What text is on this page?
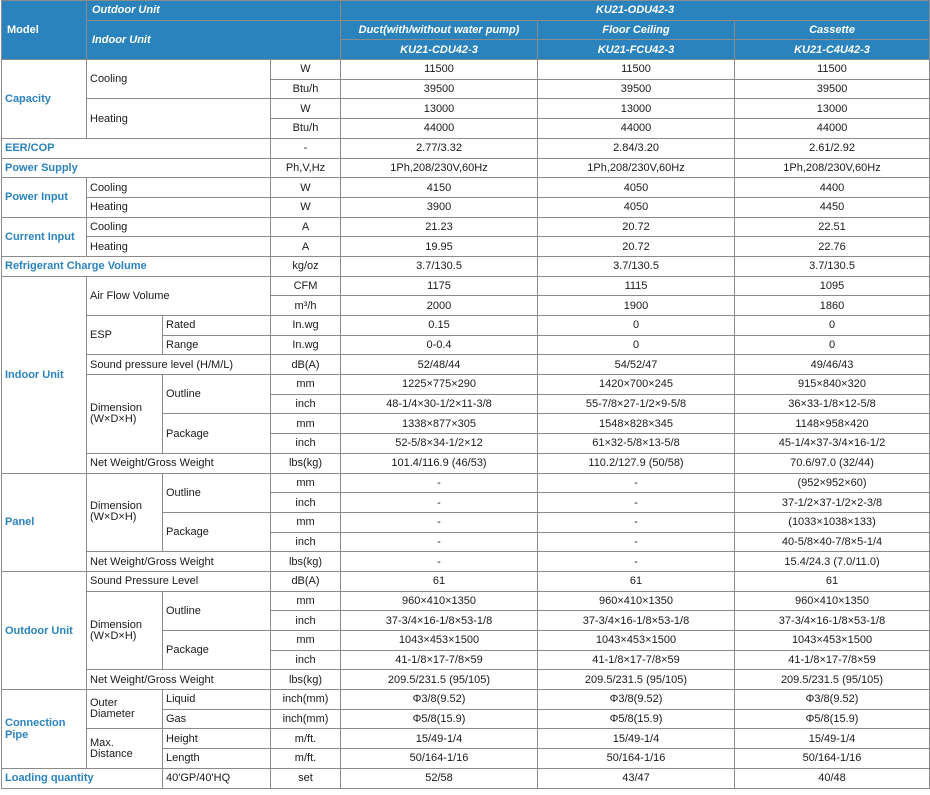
Model	Outdoor Unit			KU21-ODU42-3		
	Indoor Unit			Duct(with/without water pump)	Floor Ceiling	Cassette
				KU21-CDU42-3	KU21-FCU42-3	KU21-C4U42-3
Capacity	Cooling		W	11500	11500	11500
			Btu/h	39500	39500	39500
	Heating		W	13000	13000	13000
			Btu/h	44000	44000	44000
EER/COP			-	2.77/3.32	2.84/3.20	2.61/2.92
Power Supply			Ph,V,Hz	1Ph,208/230V,60Hz	1Ph,208/230V,60Hz	1Ph,208/230V,60Hz
Power Input	Cooling		W	4150	4050	4400
	Heating		W	3900	4050	4450
Current Input	Cooling		A	21.23	20.72	22.51
	Heating		A	19.95	20.72	22.76
Refrigerant Charge Volume			kg/oz	3.7/130.5	3.7/130.5	3.7/130.5
Indoor Unit	Air Flow Volume		CFM	1175	1115	1095
			m³/h	2000	1900	1860
	ESP	Rated	In.wg	0.15	0	0
		Range	In.wg	0-0.4	0	0
	Sound pressure level (H/M/L)		dB(A)	52/48/44	54/52/47	49/46/43
	Dimension (W×D×H)	Outline	mm	1225×775×290	1420×700×245	915×840×320
			inch	48-1/4×30-1/2×11-3/8	55-7/8×27-1/2×9-5/8	36×33-1/8×12-5/8
		Package	mm	1338×877×305	1548×828×345	1148×958×420
			inch	52-5/8×34-1/2×12	61×32-5/8×13-5/8	45-1/4×37-3/4×16-1/2
	Net Weight/Gross Weight		lbs(kg)	101.4/116.9 (46/53)	110.2/127.9 (50/58)	70.6/97.0 (32/44)
Panel	Dimension (W×D×H)	Outline	mm	-	-	(952×952×60)
			inch	-	-	37-1/2×37-1/2×2-3/8
		Package	mm	-	-	(1033×1038×133)
			inch	-	-	40-5/8×40-7/8×5-1/4
	Net Weight/Gross Weight		lbs(kg)	-	-	15.4/24.3 (7.0/11.0)
Outdoor Unit	Sound Pressure Level		dB(A)	61	61	61
	Dimension (W×D×H)	Outline	mm	960×410×1350	960×410×1350	960×410×1350
			inch	37-3/4×16-1/8×53-1/8	37-3/4×16-1/8×53-1/8	37-3/4×16-1/8×53-1/8
		Package	mm	1043×453×1500	1043×453×1500	1043×453×1500
			inch	41-1/8×17-7/8×59	41-1/8×17-7/8×59	41-1/8×17-7/8×59
	Net Weight/Gross Weight		lbs(kg)	209.5/231.5 (95/105)	209.5/231.5 (95/105)	209.5/231.5 (95/105)
Connection Pipe	Outer Diameter	Liquid	inch(mm)	Φ3/8(9.52)	Φ3/8(9.52)	Φ3/8(9.52)
		Gas	inch(mm)	Φ5/8(15.9)	Φ5/8(15.9)	Φ5/8(15.9)
	Max. Distance	Height	m/ft.	15/49-1/4	15/49-1/4	15/49-1/4
		Length	m/ft.	50/164-1/16	50/164-1/16	50/164-1/16
Loading quantity		40'GP/40'HQ	set	52/58	43/47	40/48
